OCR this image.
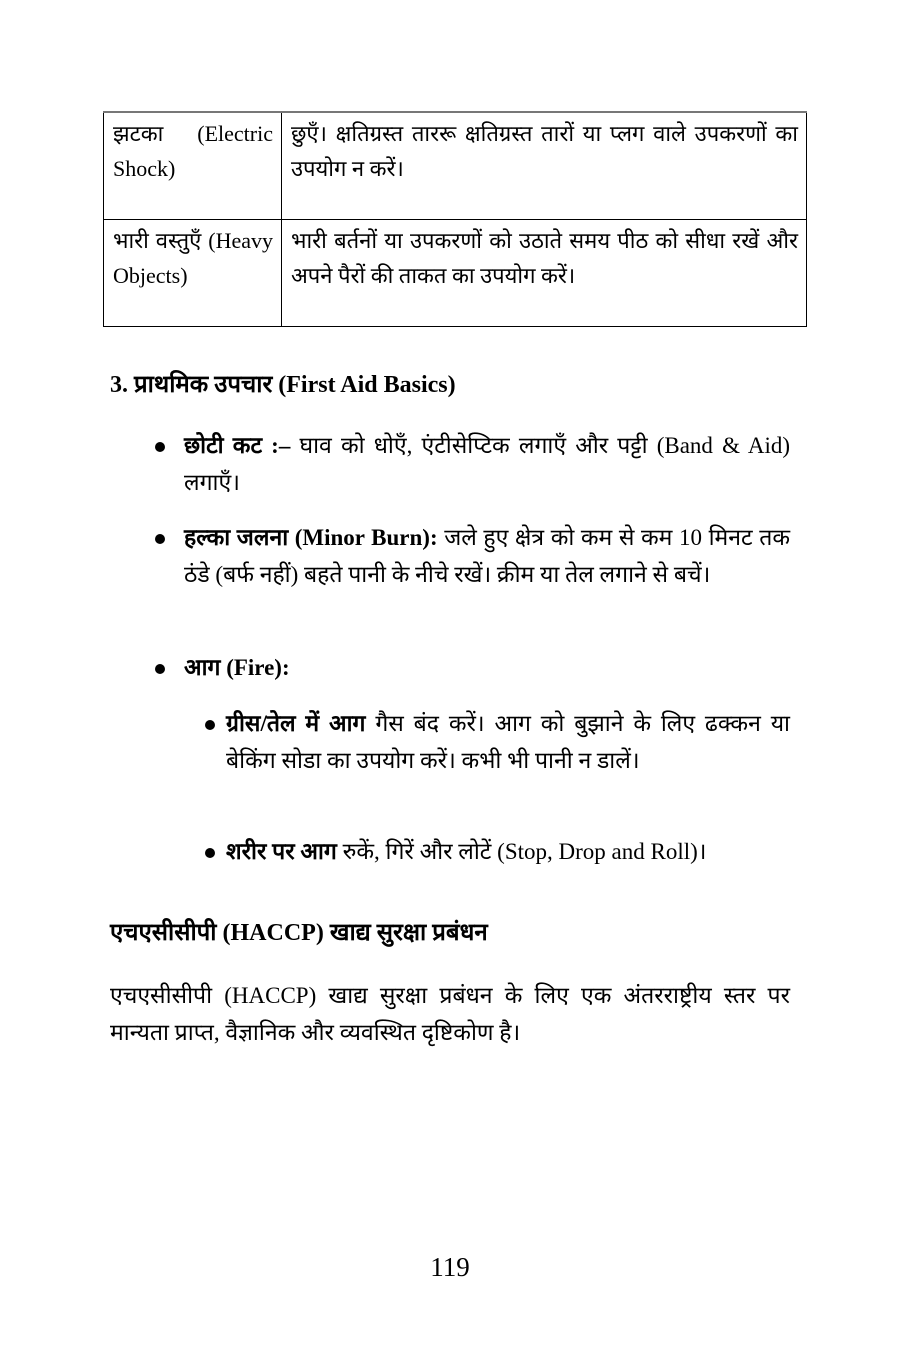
झटका (Electric Shock)	छुएँ। क्षतिग्रस्त ताररू क्षतिग्रस्त तारों या प्लग वाले उपकरणों का उपयोग न करें।
भारी वस्तुएँ (Heavy Objects)	भारी बर्तनों या उपकरणों को उठाते समय पीठ को सीधा रखें और अपने पैरों की ताकत का उपयोग करें।
3. प्राथमिक उपचार (First Aid Basics)
छोटी कट :– घाव को धोएँ, एंटीसेप्टिक लगाएँ और पट्टी (Band & Aid) लगाएँ।
हल्का जलना (Minor Burn): जले हुए क्षेत्र को कम से कम 10 मिनट तक ठंडे (बर्फ नहीं) बहते पानी के नीचे रखें। क्रीम या तेल लगाने से बचें।
आग (Fire):
ग्रीस/तेल में आग गैस बंद करें। आग को बुझाने के लिए ढक्कन या बेकिंग सोडा का उपयोग करें। कभी भी पानी न डालें।
शरीर पर आग रुकें, गिरें और लोटें (Stop, Drop and Roll)।
एचएसीसीपी (HACCP) खाद्य सुरक्षा प्रबंधन
एचएसीसीपी (HACCP) खाद्य सुरक्षा प्रबंधन के लिए एक अंतरराष्ट्रीय स्तर पर मान्यता प्राप्त, वैज्ञानिक और व्यवस्थित दृष्टिकोण है।
119
